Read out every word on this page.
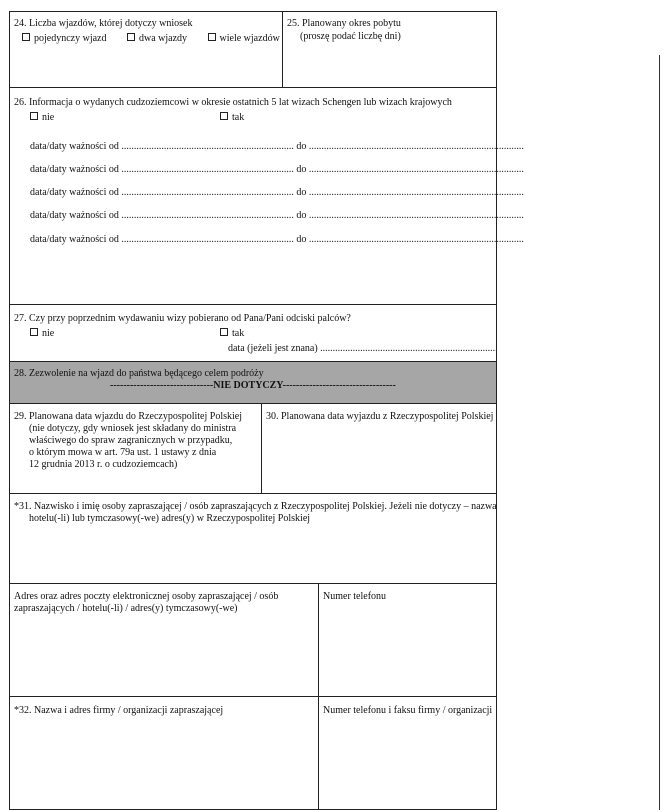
24. Liczba wjazdów, której dotyczy wniosek
pojedynczy wjazd	dwa wjazdy	wiele wjazdów
25. Planowany okres pobytu
(proszę podać liczbę dni)
26. Informacja o wydanych cudzoziemcowi w okresie ostatnich 5 lat wizach Schengen lub wizach krajowych
nie	tak
data/daty ważności od ..................................................................... do ......................................................................................
data/daty ważności od ..................................................................... do ......................................................................................
data/daty ważności od ..................................................................... do ......................................................................................
data/daty ważności od ..................................................................... do ......................................................................................
data/daty ważności od ..................................................................... do ......................................................................................
27. Czy przy poprzednim wydawaniu wizy pobierano od Pana/Pani odciski palców?
nie	tak
data (jeżeli jest znana) .......................................................................
28. Zezwolenie na wjazd do państwa będącego celem podróży
-------------------------------NIE DOTYCZY----------------------------------
29. Planowana data wjazdu do Rzeczypospolitej Polskiej
(nie dotyczy, gdy wniosek jest składany do ministra
właściwego do spraw zagranicznych w przypadku,
o którym mowa w art. 79a ust. 1 ustawy z dnia
12 grudnia 2013 r. o cudzoziemcach)
30. Planowana data wyjazdu z Rzeczypospolitej Polskiej
*31. Nazwisko i imię osoby zapraszającej / osób zapraszających z Rzeczypospolitej Polskiej. Jeżeli nie dotyczy – nazwa
hotelu(-li) lub tymczasowy(-we) adres(y) w Rzeczypospolitej Polskiej
Adres oraz adres poczty elektronicznej osoby zapraszającej / osób
zapraszających / hotelu(-li) / adres(y) tymczasowy(-we)
Numer telefonu
*32. Nazwa i adres firmy / organizacji zapraszającej	Numer telefonu i faksu firmy / organizacji
